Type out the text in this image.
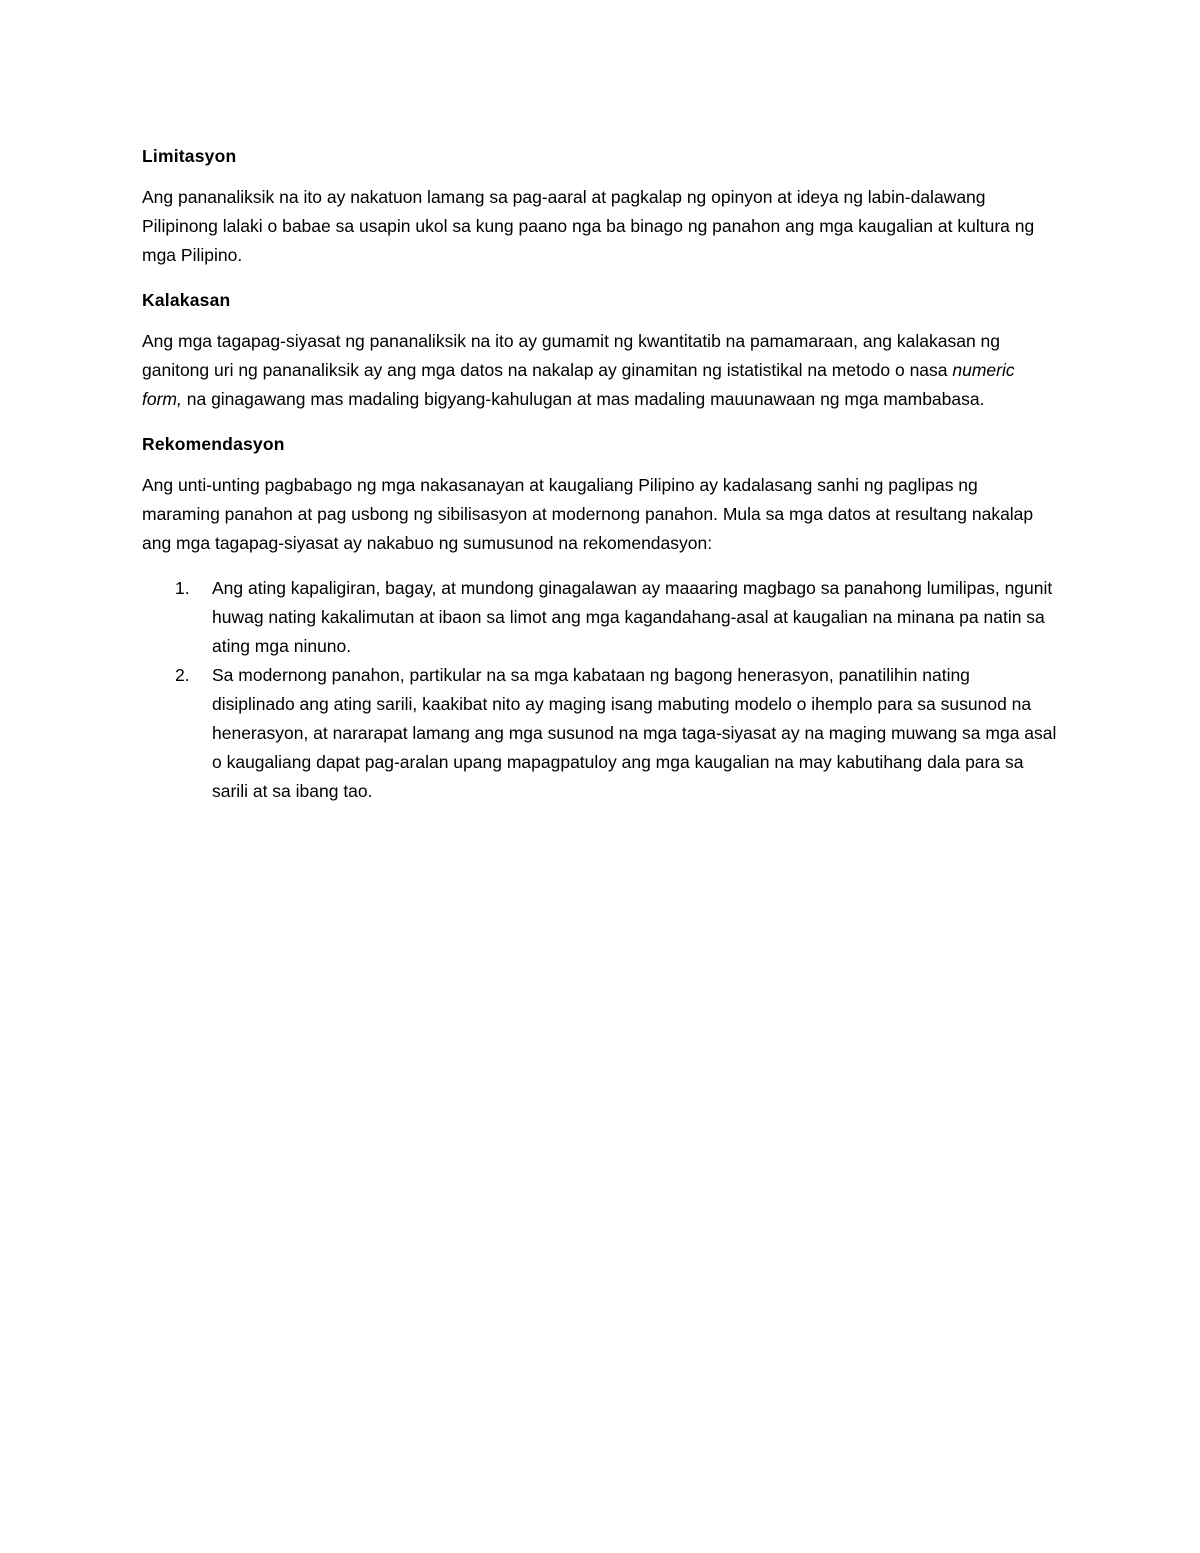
Limitasyon

Ang pananaliksik na ito ay nakatuon lamang sa pag-aaral at pagkalap ng opinyon at ideya ng labin-dalawang Pilipinong lalaki o babae sa usapin ukol sa kung paano nga ba binago ng panahon ang mga kaugalian at kultura ng mga Pilipino.

Kalakasan

Ang mga tagapag-siyasat ng pananaliksik na ito ay gumamit ng kwantitatib na pamamaraan, ang kalakasan ng ganitong uri ng pananaliksik ay ang mga datos na nakalap ay ginamitan ng istatistikal na metodo o nasa numeric form, na ginagawang mas madaling bigyang-kahulugan at mas madaling mauunawaan ng mga mambabasa.

Rekomendasyon

Ang unti-unting pagbabago ng mga nakasanayan at kaugaliang Pilipino ay kadalasang sanhi ng paglipas ng maraming panahon at pag usbong ng sibilisasyon at modernong panahon. Mula sa mga datos at resultang nakalap ang mga tagapag-siyasat ay nakabuo ng sumusunod na rekomendasyon:

1. Ang ating kapaligiran, bagay, at mundong ginagalawan ay maaaring magbago sa panahong lumilipas, ngunit huwag nating kakalimutan at ibaon sa limot ang mga kagandahang-asal at kaugalian na minana pa natin sa ating mga ninuno.
2. Sa modernong panahon, partikular na sa mga kabataan ng bagong henerasyon, panatilihin nating disiplinado ang ating sarili, kaakibat nito ay maging isang mabuting modelo o ihemplo para sa susunod na henerasyon, at nararapat lamang ang mga susunod na mga taga-siyasat ay na maging muwang sa mga asal o kaugaliang dapat pag-aralan upang mapagpatuloy ang mga kaugalian na may kabutihang dala para sa sarili at sa ibang tao.
